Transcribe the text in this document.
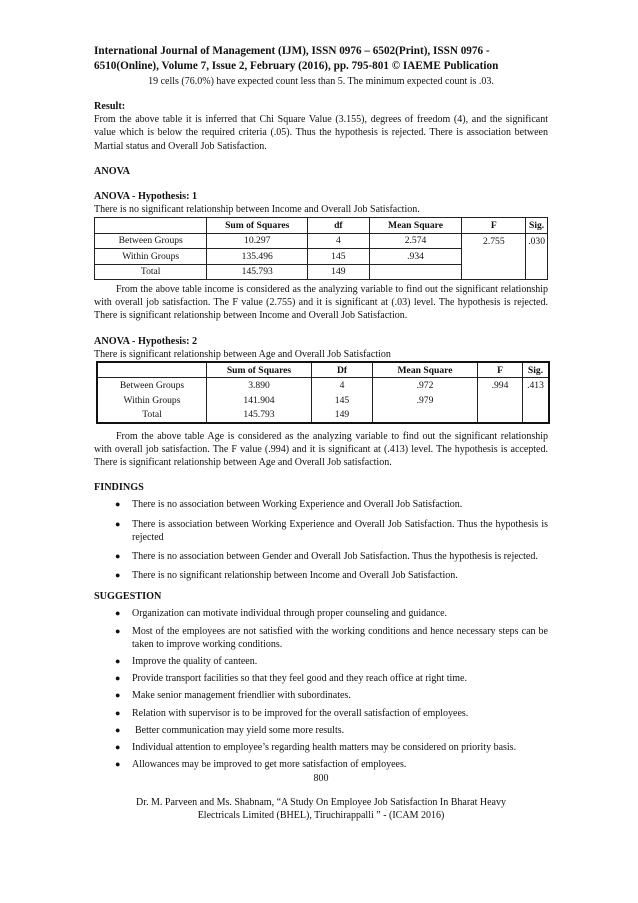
International Journal of Management (IJM), ISSN 0976 – 6502(Print), ISSN 0976 -

6510(Online), Volume 7, Issue 2, February (2016), pp. 795-801 © IAEME Publication

19 cells (76.0%) have expected count less than 5. The minimum expected count is .03.

Result:

From the above table it is inferred that Chi Square Value (3.155), degrees of freedom (4), and the significant value which is below the required criteria (.05). Thus the hypothesis is rejected. There is association between Martial status and Overall Job Satisfaction.

ANOVA

ANOVA - Hypothesis: 1

There is no significant relationship between Income and Overall Job Satisfaction.

	Sum of Squares	df	Mean Square	F	Sig.
Between Groups	10.297	4	2.574	2.755	.030
Within Groups	135.496	145	.934		
Total	145.793	149			

From the above table income is considered as the analyzing variable to find out the significant relationship with overall job satisfaction. The F value (2.755) and it is significant at (.03) level. The hypothesis is rejected. There is significant relationship between Income and Overall Job Satisfaction.

ANOVA - Hypothesis: 2

There is significant relationship between Age and Overall Job Satisfaction

	Sum of Squares	Df	Mean Square	F	Sig.
Between Groups	3.890	4	.972	.994	.413
Within Groups	141.904	145	.979		
Total	145.793	149			

From the above table Age is considered as the analyzing variable to find out the significant relationship with overall job satisfaction. The F value (.994) and it is significant at (.413) level. The hypothesis is accepted. There is significant relationship between Age and Overall Job satisfaction.

FINDINGS

● There is no association between Working Experience and Overall Job Satisfaction.
● There is association between Working Experience and Overall Job Satisfaction. Thus the hypothesis is rejected
● There is no association between Gender and Overall Job Satisfaction. Thus the hypothesis is rejected.
● There is no significant relationship between Income and Overall Job Satisfaction.

SUGGESTION

● Organization can motivate individual through proper counseling and guidance.
● Most of the employees are not satisfied with the working conditions and hence necessary steps can be taken to improve working conditions.
● Improve the quality of canteen.
● Provide transport facilities so that they feel good and they reach office at right time.
● Make senior management friendlier with subordinates.
● Relation with supervisor is to be improved for the overall satisfaction of employees.
● Better communication may yield some more results.
● Individual attention to employee’s regarding health matters may be considered on priority basis.
● Allowances may be improved to get more satisfaction of employees.

800

Dr. M. Parveen and Ms. Shabnam, “A Study On Employee Job Satisfaction In Bharat Heavy

Electricals Limited (BHEL), Tiruchirappalli ” - (ICAM 2016)
